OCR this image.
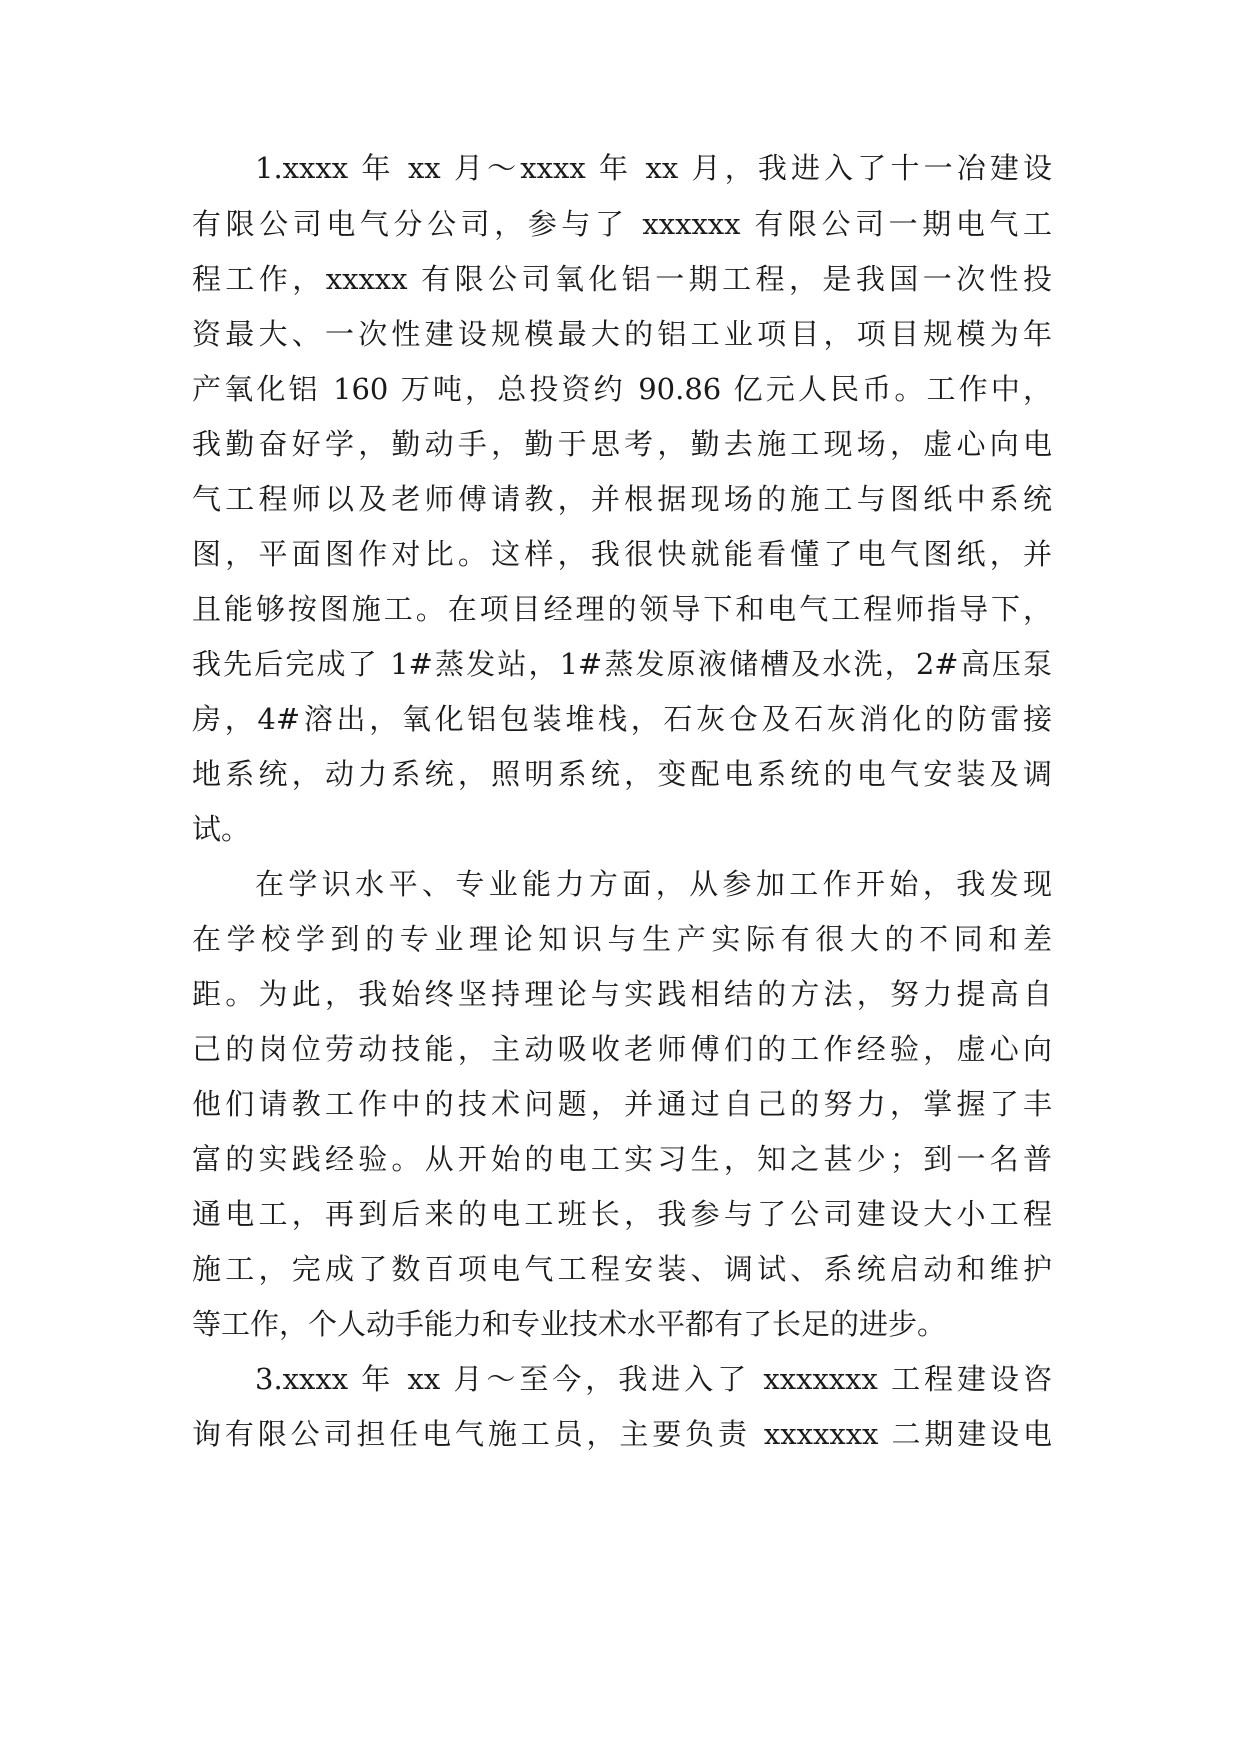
1.xxxx 年 xx 月～xxxx 年 xx 月，我进入了十一冶建设
有限公司电气分公司，参与了 xxxxxx 有限公司一期电气工
程工作，xxxxx 有限公司氧化铝一期工程，是我国一次性投
资最大、一次性建设规模最大的铝工业项目，项目规模为年
产氧化铝 160 万吨，总投资约 90.86 亿元人民币。工作中，
我勤奋好学，勤动手，勤于思考，勤去施工现场，虚心向电
气工程师以及老师傅请教，并根据现场的施工与图纸中系统
图，平面图作对比。这样，我很快就能看懂了电气图纸，并
且能够按图施工。在项目经理的领导下和电气工程师指导下，
我先后完成了 1#蒸发站，1#蒸发原液储槽及水洗，2#高压泵
房，4#溶出，氧化铝包装堆栈，石灰仓及石灰消化的防雷接
地系统，动力系统，照明系统，变配电系统的电气安装及调
试。
在学识水平、专业能力方面，从参加工作开始，我发现
在学校学到的专业理论知识与生产实际有很大的不同和差
距。为此，我始终坚持理论与实践相结的方法，努力提高自
己的岗位劳动技能，主动吸收老师傅们的工作经验，虚心向
他们请教工作中的技术问题，并通过自己的努力，掌握了丰
富的实践经验。从开始的电工实习生，知之甚少；到一名普
通电工，再到后来的电工班长，我参与了公司建设大小工程
施工，完成了数百项电气工程安装、调试、系统启动和维护
等工作，个人动手能力和专业技术水平都有了长足的进步。
3.xxxx 年 xx 月～至今，我进入了 xxxxxxx 工程建设咨
询有限公司担任电气施工员，主要负责 xxxxxxx 二期建设电
